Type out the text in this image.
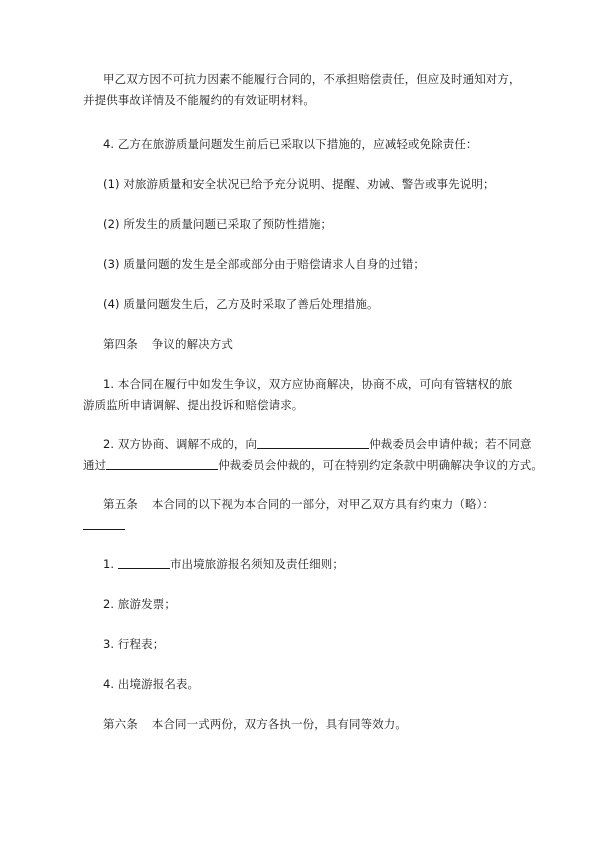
甲乙双方因不可抗力因素不能履行合同的，不承担赔偿责任，但应及时通知对方，
并提供事故详情及不能履约的有效证明材料。
4. 乙方在旅游质量问题发生前后已采取以下措施的，应减轻或免除责任：
(1) 对旅游质量和安全状况已给予充分说明、提醒、劝诫、警告或事先说明；
(2) 所发生的质量问题已采取了预防性措施；
(3) 质量问题的发生是全部或部分由于赔偿请求人自身的过错；
(4) 质量问题发生后，乙方及时采取了善后处理措施。
第四条 争议的解决方式
1. 本合同在履行中如发生争议，双方应协商解决，协商不成，可向有管辖权的旅
游质监所申请调解、提出投诉和赔偿请求。
2. 双方协商、调解不成的，向	仲裁委员会申请仲裁；若不同意
通过	仲裁委员会仲裁的，可在特别约定条款中明确解决争议的方式。
第五条 本合同的以下视为本合同的一部分，对甲乙双方具有约束力（略）：
1.	市出境旅游报名须知及责任细则；
2. 旅游发票；
3. 行程表；
4. 出境游报名表。
第六条 本合同一式两份，双方各执一份，具有同等效力。
